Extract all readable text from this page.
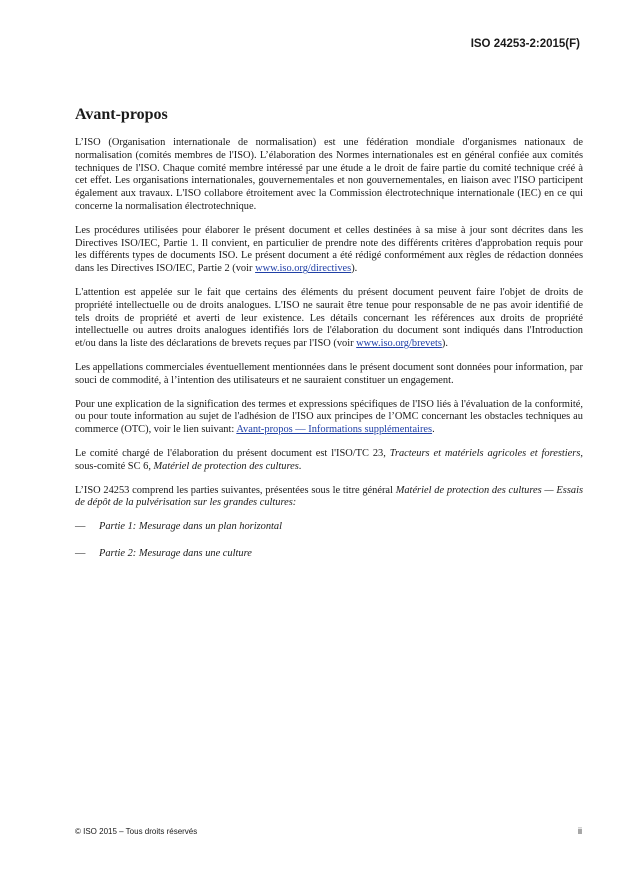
ISO 24253-2:2015(F)
Avant-propos

L’ISO (Organisation internationale de normalisation) est une fédération mondiale d'organismes nationaux de normalisation (comités membres de l'ISO). L’élaboration des Normes internationales est en général confiée aux comités techniques de l'ISO. Chaque comité membre intéressé par une étude a le droit de faire partie du comité technique créé à cet effet. Les organisations internationales, gouvernementales et non gouvernementales, en liaison avec l'ISO participent également aux travaux. L'ISO collabore étroitement avec la Commission électrotechnique internationale (IEC) en ce qui concerne la normalisation électrotechnique.

Les procédures utilisées pour élaborer le présent document et celles destinées à sa mise à jour sont décrites dans les Directives ISO/IEC, Partie 1. Il convient, en particulier de prendre note des différents critères d'approbation requis pour les différents types de documents ISO. Le présent document a été rédigé conformément aux règles de rédaction données dans les Directives ISO/IEC, Partie 2 (voir www.iso.org/directives).

L'attention est appelée sur le fait que certains des éléments du présent document peuvent faire l'objet de droits de propriété intellectuelle ou de droits analogues. L'ISO ne saurait être tenue pour responsable de ne pas avoir identifié de tels droits de propriété et averti de leur existence. Les détails concernant les références aux droits de propriété intellectuelle ou autres droits analogues identifiés lors de l'élaboration du document sont indiqués dans l'Introduction et/ou dans la liste des déclarations de brevets reçues par l'ISO (voir www.iso.org/brevets).

Les appellations commerciales éventuellement mentionnées dans le présent document sont données pour information, par souci de commodité, à l’intention des utilisateurs et ne sauraient constituer un engagement.

Pour une explication de la signification des termes et expressions spécifiques de l'ISO liés à l'évaluation de la conformité, ou pour toute information au sujet de l'adhésion de l'ISO aux principes de l’OMC concernant les obstacles techniques au commerce (OTC), voir le lien suivant: Avant-propos — Informations supplémentaires.

Le comité chargé de l'élaboration du présent document est l'ISO/TC 23, Tracteurs et matériels agricoles et forestiers, sous-comité SC 6, Matériel de protection des cultures.

L’ISO 24253 comprend les parties suivantes, présentées sous le titre général Matériel de protection des cultures — Essais de dépôt de la pulvérisation sur les grandes cultures:

—	Partie 1: Mesurage dans un plan horizontal
—	Partie 2: Mesurage dans une culture
© ISO 2015 – Tous droits réservés	ii
